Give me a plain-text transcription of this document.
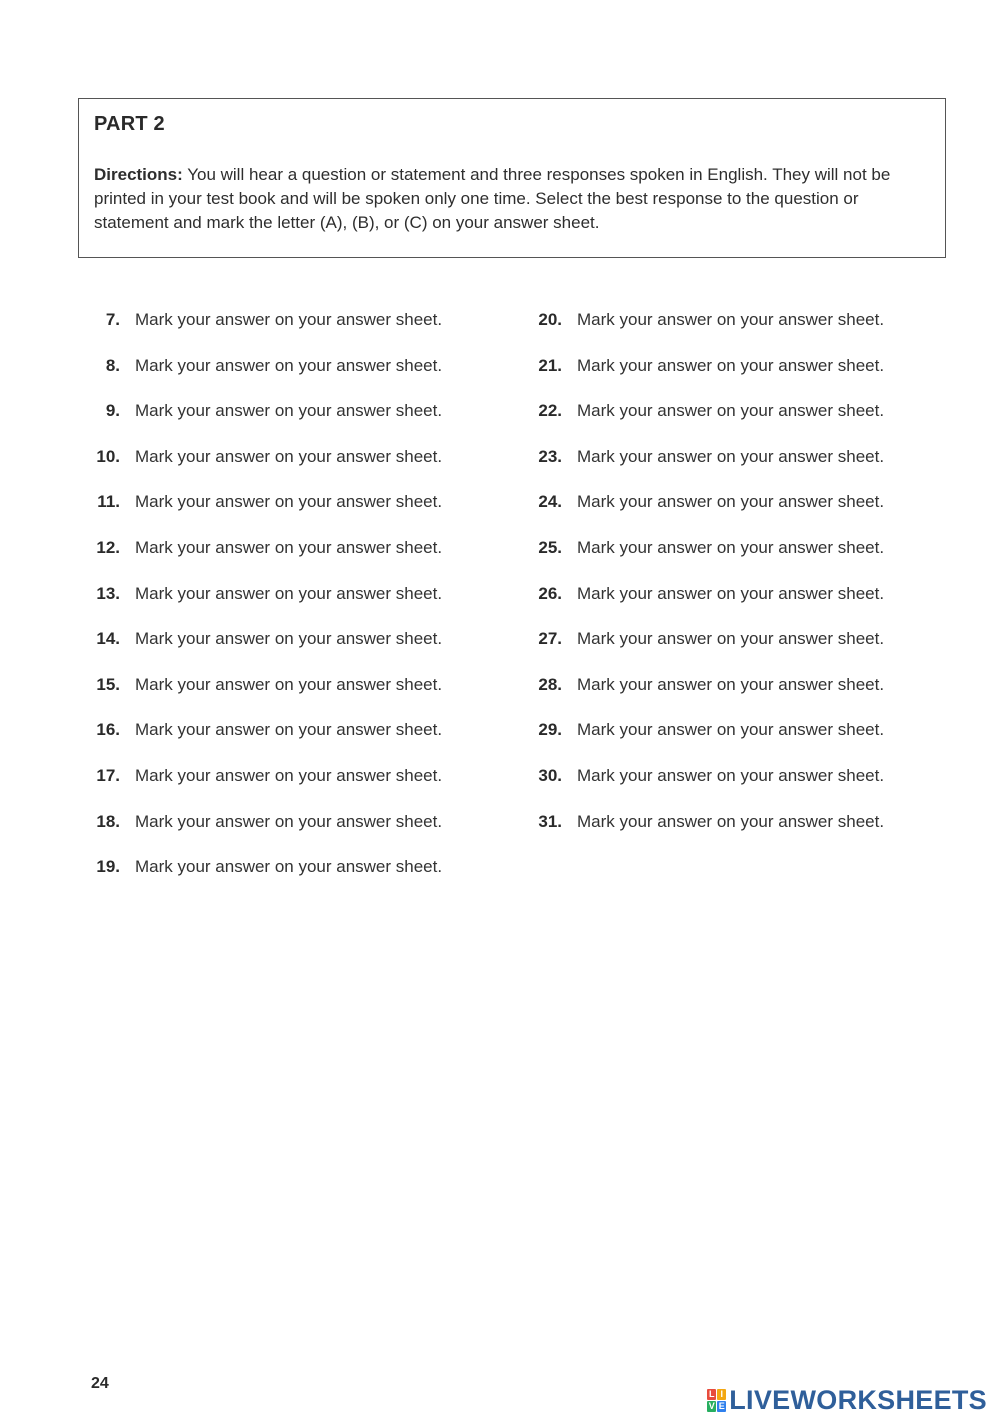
PART 2

Directions: You will hear a question or statement and three responses spoken in English. They will not be printed in your test book and will be spoken only one time. Select the best response to the question or statement and mark the letter (A), (B), or (C) on your answer sheet.

7. Mark your answer on your answer sheet.
8. Mark your answer on your answer sheet.
9. Mark your answer on your answer sheet.
10. Mark your answer on your answer sheet.
11. Mark your answer on your answer sheet.
12. Mark your answer on your answer sheet.
13. Mark your answer on your answer sheet.
14. Mark your answer on your answer sheet.
15. Mark your answer on your answer sheet.
16. Mark your answer on your answer sheet.
17. Mark your answer on your answer sheet.
18. Mark your answer on your answer sheet.
19. Mark your answer on your answer sheet.
20. Mark your answer on your answer sheet.
21. Mark your answer on your answer sheet.
22. Mark your answer on your answer sheet.
23. Mark your answer on your answer sheet.
24. Mark your answer on your answer sheet.
25. Mark your answer on your answer sheet.
26. Mark your answer on your answer sheet.
27. Mark your answer on your answer sheet.
28. Mark your answer on your answer sheet.
29. Mark your answer on your answer sheet.
30. Mark your answer on your answer sheet.
31. Mark your answer on your answer sheet.
24
L I
V E LIVEWORKSHEETS
